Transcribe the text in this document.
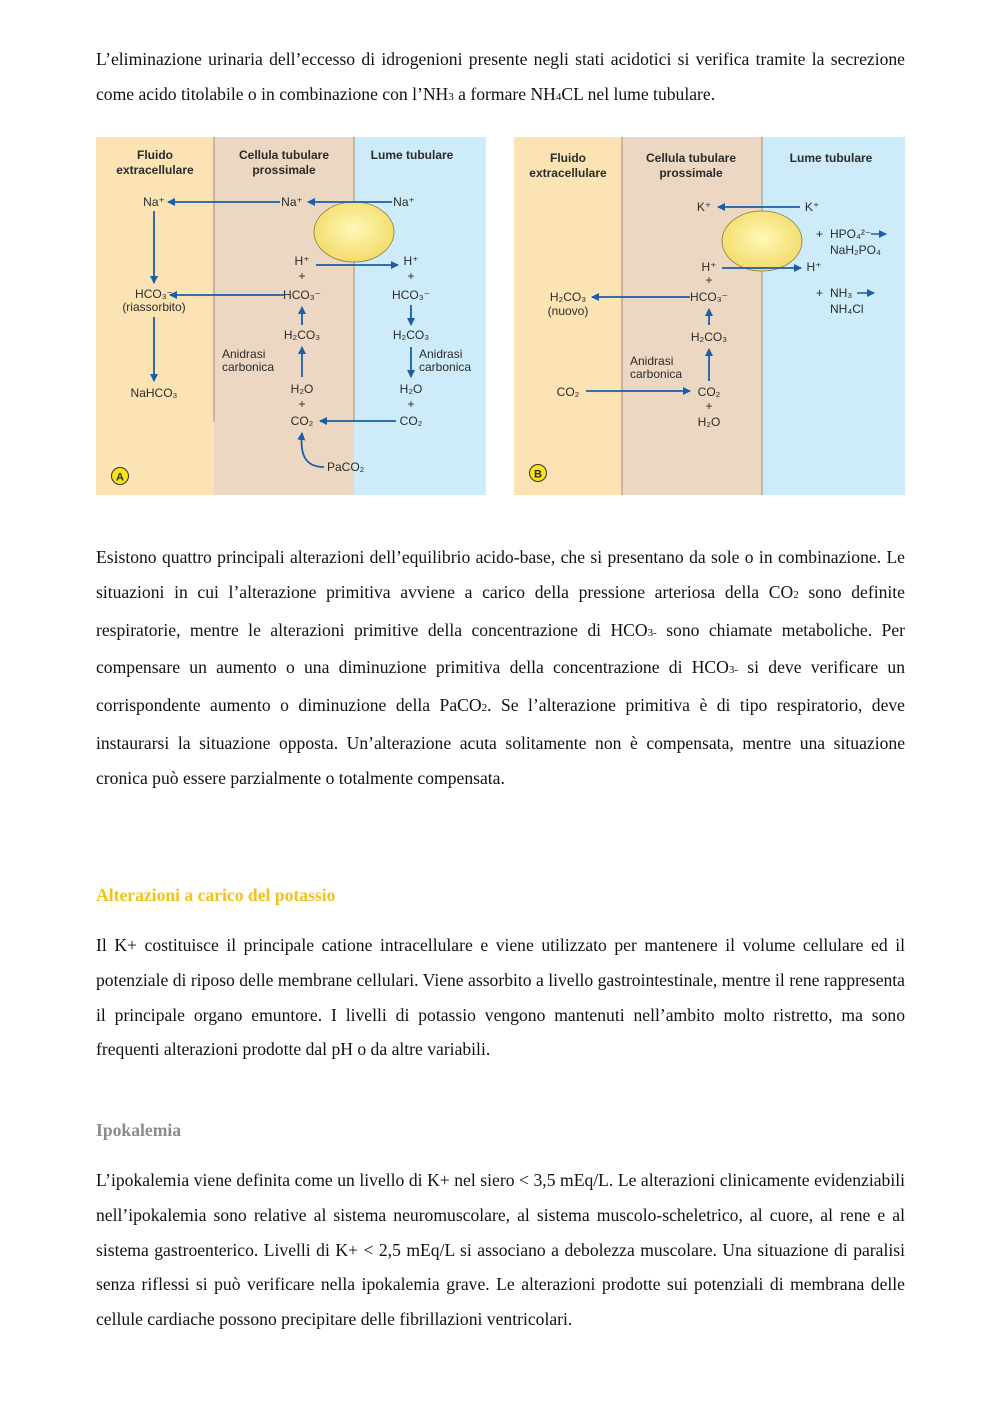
L’eliminazione urinaria dell’eccesso di idrogenioni presente negli stati acidotici si verifica tramite la secrezione come acido titolabile o in combinazione con l’NH3 a formare NH4CL nel lume tubulare.

Fluido
extracellulare
Cellula tubulare
prossimale
Lume tubulare
Na⁺	Na⁺	Na⁺
HCO₃⁻
(riassorbito)
NaHCO₃
H⁺	H⁺
+	+
HCO₃⁻	HCO₃⁻
H₂CO₃	H₂CO₃
Anidrasi
carbonica
Anidrasi
carbonica
H₂O	H₂O
+	+
CO₂	CO₂
PaCO₂
A
Fluido
extracellulare
Cellula tubulare
prossimale
Lume tubulare
K⁺	K⁺
+ HPO₄²⁻
NaH₂PO₄
H⁺	H⁺
+
+ NH₃
NH₄Cl
HCO₃⁻
H₂CO₃
(nuovo)
H₂CO₃
Anidrasi
carbonica
CO₂	CO₂
+
H₂O
B

Esistono quattro principali alterazioni dell’equilibrio acido-base, che si presentano da sole o in combinazione. Le situazioni in cui l’alterazione primitiva avviene a carico della pressione arteriosa della CO2 sono definite respiratorie, mentre le alterazioni primitive della concentrazione di HCO3- sono chiamate metaboliche. Per compensare un aumento o una diminuzione primitiva della concentrazione di HCO3- si deve verificare un corrispondente aumento o diminuzione della PaCO2. Se l’alterazione primitiva è di tipo respiratorio, deve instaurarsi la situazione opposta. Un’alterazione acuta solitamente non è compensata, mentre una situazione cronica può essere parzialmente o totalmente compensata.

Alterazioni a carico del potassio

Il K+ costituisce il principale catione intracellulare e viene utilizzato per mantenere il volume cellulare ed il potenziale di riposo delle membrane cellulari. Viene assorbito a livello gastrointestinale, mentre il rene rappresenta il principale organo emuntore. I livelli di potassio vengono mantenuti nell’ambito molto ristretto, ma sono frequenti alterazioni prodotte dal pH o da altre variabili.

Ipokalemia

L’ipokalemia viene definita come un livello di K+ nel siero < 3,5 mEq/L. Le alterazioni clinicamente evidenziabili nell’ipokalemia sono relative al sistema neuromuscolare, al sistema muscolo-scheletrico, al cuore, al rene e al sistema gastroenterico. Livelli di K+ < 2,5 mEq/L si associano a debolezza muscolare. Una situazione di paralisi senza riflessi si può verificare nella ipokalemia grave. Le alterazioni prodotte sui potenziali di membrana delle cellule cardiache possono precipitare delle fibrillazioni ventricolari.
